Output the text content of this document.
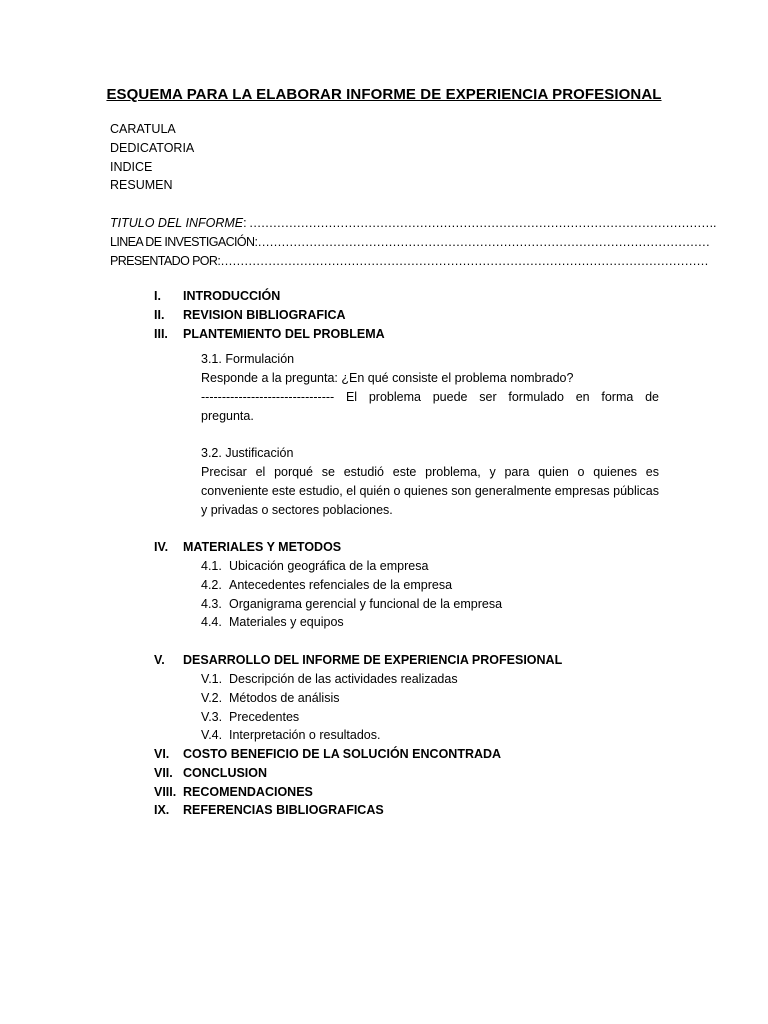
ESQUEMA PARA LA ELABORAR INFORME DE EXPERIENCIA PROFESIONAL
CARATULA
DEDICATORIA
INDICE
RESUMEN
TITULO DEL INFORME: ……………………………………………………………………………………………………….
LINEA DE INVESTIGACIÓN:……………………………………………………………………………………………………
PRESENTADO POR:……………………………………………………………………………………………………………
I. INTRODUCCIÓN
II. REVISION BIBLIOGRAFICA
III. PLANTEMIENTO DEL PROBLEMA
3.1. Formulación
Responde a la pregunta: ¿En qué consiste el problema nombrado?
-------------------------------- El problema puede ser formulado en forma de
pregunta.
3.2. Justificación
Precisar el porqué se estudió este problema, y para quien o quienes es conveniente este estudio, el quién o quienes son generalmente empresas públicas y privadas o sectores poblaciones.
IV. MATERIALES Y METODOS
4.1. Ubicación geográfica de la empresa
4.2. Antecedentes refenciales de la empresa
4.3. Organigrama gerencial y funcional de la empresa
4.4. Materiales y equipos
V. DESARROLLO DEL INFORME DE EXPERIENCIA PROFESIONAL
V.1. Descripción de las actividades realizadas
V.2. Métodos de análisis
V.3. Precedentes
V.4. Interpretación o resultados.
VI. COSTO BENEFICIO DE LA SOLUCIÓN ENCONTRADA
VII. CONCLUSION
VIII. RECOMENDACIONES
IX. REFERENCIAS BIBLIOGRAFICAS
